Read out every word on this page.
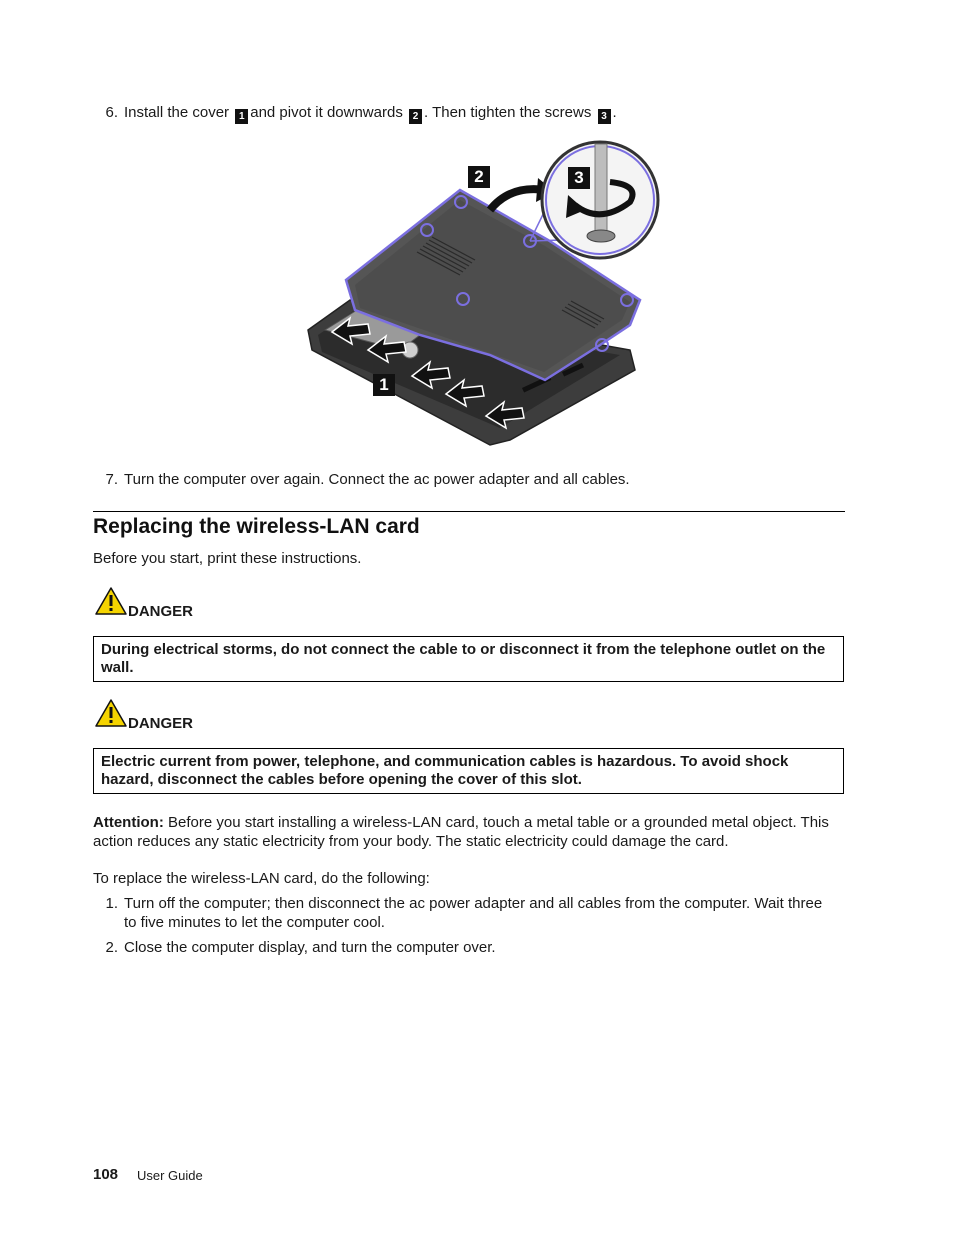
6. Install the cover 1 and pivot it downwards 2 . Then tighten the screws 3 .
2	3
1
7. Turn the computer over again. Connect the ac power adapter and all cables.
Replacing the wireless-LAN card
Before you start, print these instructions.
DANGER
During electrical storms, do not connect the cable to or disconnect it from the telephone outlet on the wall.
DANGER
Electric current from power, telephone, and communication cables is hazardous. To avoid shock hazard, disconnect the cables before opening the cover of this slot.
Attention: Before you start installing a wireless-LAN card, touch a metal table or a grounded metal object. This action reduces any static electricity from your body. The static electricity could damage the card.
To replace the wireless-LAN card, do the following:
1. Turn off the computer; then disconnect the ac power adapter and all cables from the computer. Wait three to five minutes to let the computer cool.
2. Close the computer display, and turn the computer over.
108 User Guide
